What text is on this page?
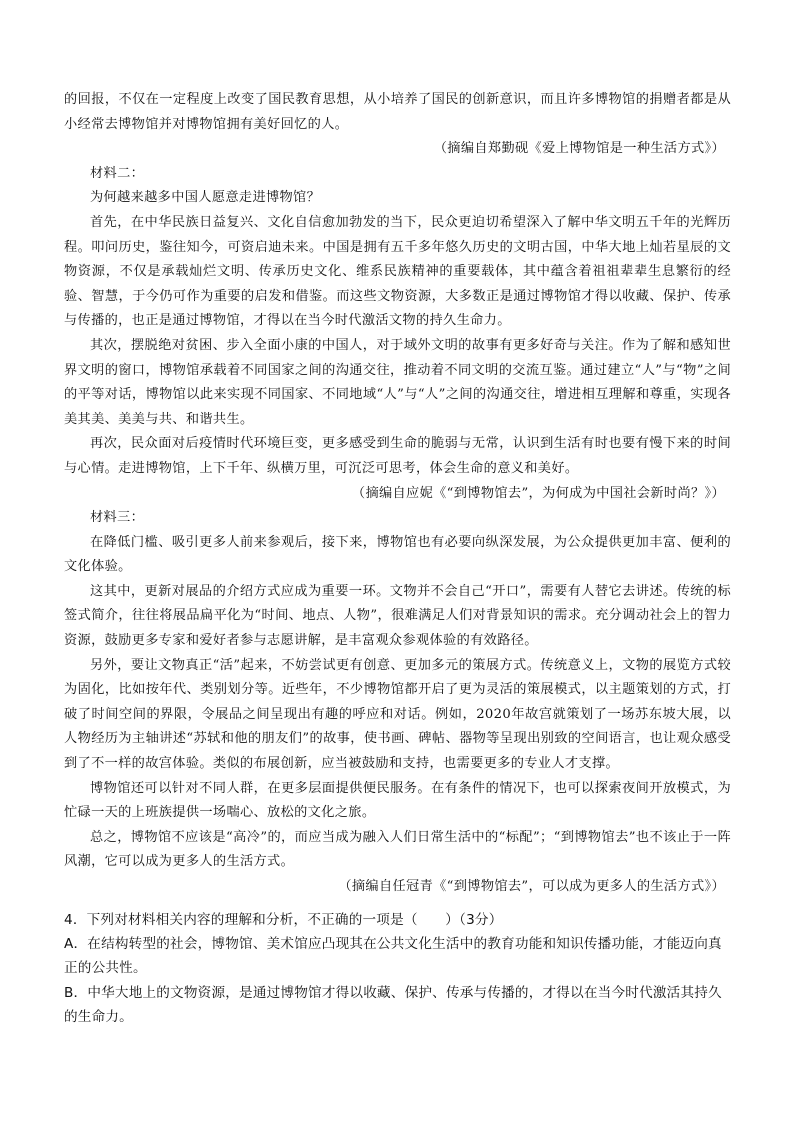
的回报，不仅在一定程度上改变了国民教育思想，从小培养了国民的创新意识，而且许多博物馆的捐赠者都是从小经常去博物馆并对博物馆拥有美好回忆的人。

（摘编自郑勤砚《爱上博物馆是一种生活方式》）

材料二：

为何越来越多中国人愿意走进博物馆？

首先，在中华民族日益复兴、文化自信愈加勃发的当下，民众更迫切希望深入了解中华文明五千年的光辉历程。叩问历史，鉴往知今，可资启迪未来。中国是拥有五千多年悠久历史的文明古国，中华大地上灿若星辰的文物资源，不仅是承载灿烂文明、传承历史文化、维系民族精神的重要载体，其中蕴含着祖祖辈辈生息繁衍的经验、智慧，于今仍可作为重要的启发和借鉴。而这些文物资源，大多数正是通过博物馆才得以收藏、保护、传承与传播的，也正是通过博物馆，才得以在当今时代激活文物的持久生命力。

其次，摆脱绝对贫困、步入全面小康的中国人，对于域外文明的故事有更多好奇与关注。作为了解和感知世界文明的窗口，博物馆承载着不同国家之间的沟通交往，推动着不同文明的交流互鉴。通过建立“人”与“物”之间的平等对话，博物馆以此来实现不同国家、不同地域“人”与“人”之间的沟通交往，增进相互理解和尊重，实现各美其美、美美与共、和谐共生。

再次，民众面对后疫情时代环境巨变，更多感受到生命的脆弱与无常，认识到生活有时也要有慢下来的时间与心情。走进博物馆，上下千年、纵横万里，可沉泛可思考，体会生命的意义和美好。

（摘编自应妮《“到博物馆去”，为何成为中国社会新时尚？》）

材料三：

在降低门槛、吸引更多人前来参观后，接下来，博物馆也有必要向纵深发展，为公众提供更加丰富、便利的文化体验。

这其中，更新对展品的介绍方式应成为重要一环。文物并不会自己“开口”，需要有人替它去讲述。传统的标签式简介，往往将展品扁平化为“时间、地点、人物”，很难满足人们对背景知识的需求。充分调动社会上的智力资源，鼓励更多专家和爱好者参与志愿讲解，是丰富观众参观体验的有效路径。

另外，要让文物真正“活”起来，不妨尝试更有创意、更加多元的策展方式。传统意义上，文物的展览方式较为固化，比如按年代、类别划分等。近些年，不少博物馆都开启了更为灵活的策展模式，以主题策划的方式，打破了时间空间的界限，令展品之间呈现出有趣的呼应和对话。例如，2020年故宫就策划了一场苏东坡大展，以人物经历为主轴讲述“苏轼和他的朋友们”的故事，使书画、碑帖、器物等呈现出别致的空间语言，也让观众感受到了不一样的故宫体验。类似的布展创新，应当被鼓励和支持，也需要更多的专业人才支撑。

博物馆还可以针对不同人群，在更多层面提供便民服务。在有条件的情况下，也可以探索夜间开放模式，为忙碌一天的上班族提供一场喘心、放松的文化之旅。

总之，博物馆不应该是“高冷”的，而应当成为融入人们日常生活中的“标配”；“到博物馆去”也不该止于一阵风潮，它可以成为更多人的生活方式。

（摘编自任冠青《“到博物馆去”，可以成为更多人的生活方式》）

4．下列对材料相关内容的理解和分析，不正确的一项是（　　）（3分）

A．在结构转型的社会，博物馆、美术馆应凸现其在公共文化生活中的教育功能和知识传播功能，才能迈向真正的公共性。

B．中华大地上的文物资源，是通过博物馆才得以收藏、保护、传承与传播的，才得以在当今时代激活其持久的生命力。
